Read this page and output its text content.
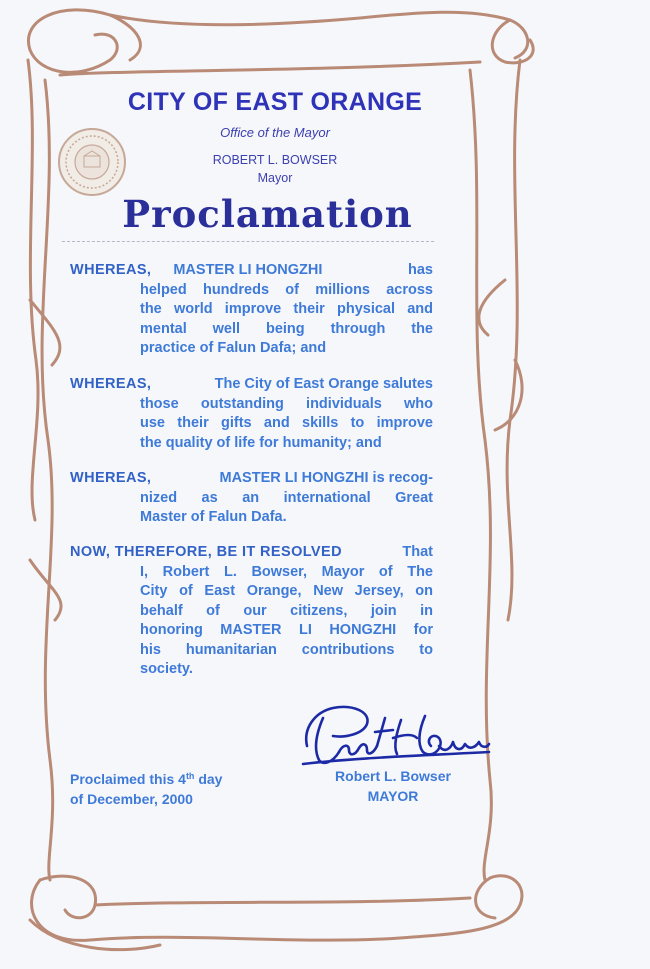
CITY OF EAST ORANGE
Office of the Mayor
ROBERT L. BOWSER
Mayor
Proclamation
WHEREAS, MASTER LI HONGZHI	has
helped hundreds of millions across
the world improve their physical and
mental well being through the
practice of Falun Dafa; and
WHEREAS,	The City of East Orange salutes
those outstanding individuals who
use their gifts and skills to improve
the quality of life for humanity; and
WHEREAS,	MASTER LI HONGZHI is recog-
nized as an international Great
Master of Falun Dafa.
NOW, THEREFORE, BE IT RESOLVED	That
I, Robert L. Bowser, Mayor of The
City of East Orange, New Jersey, on
behalf of our citizens, join in
honoring MASTER LI HONGZHI for
his humanitarian contributions to
society.
Proclaimed this 4th day
of December, 2000
Robert L. Bowser
MAYOR
